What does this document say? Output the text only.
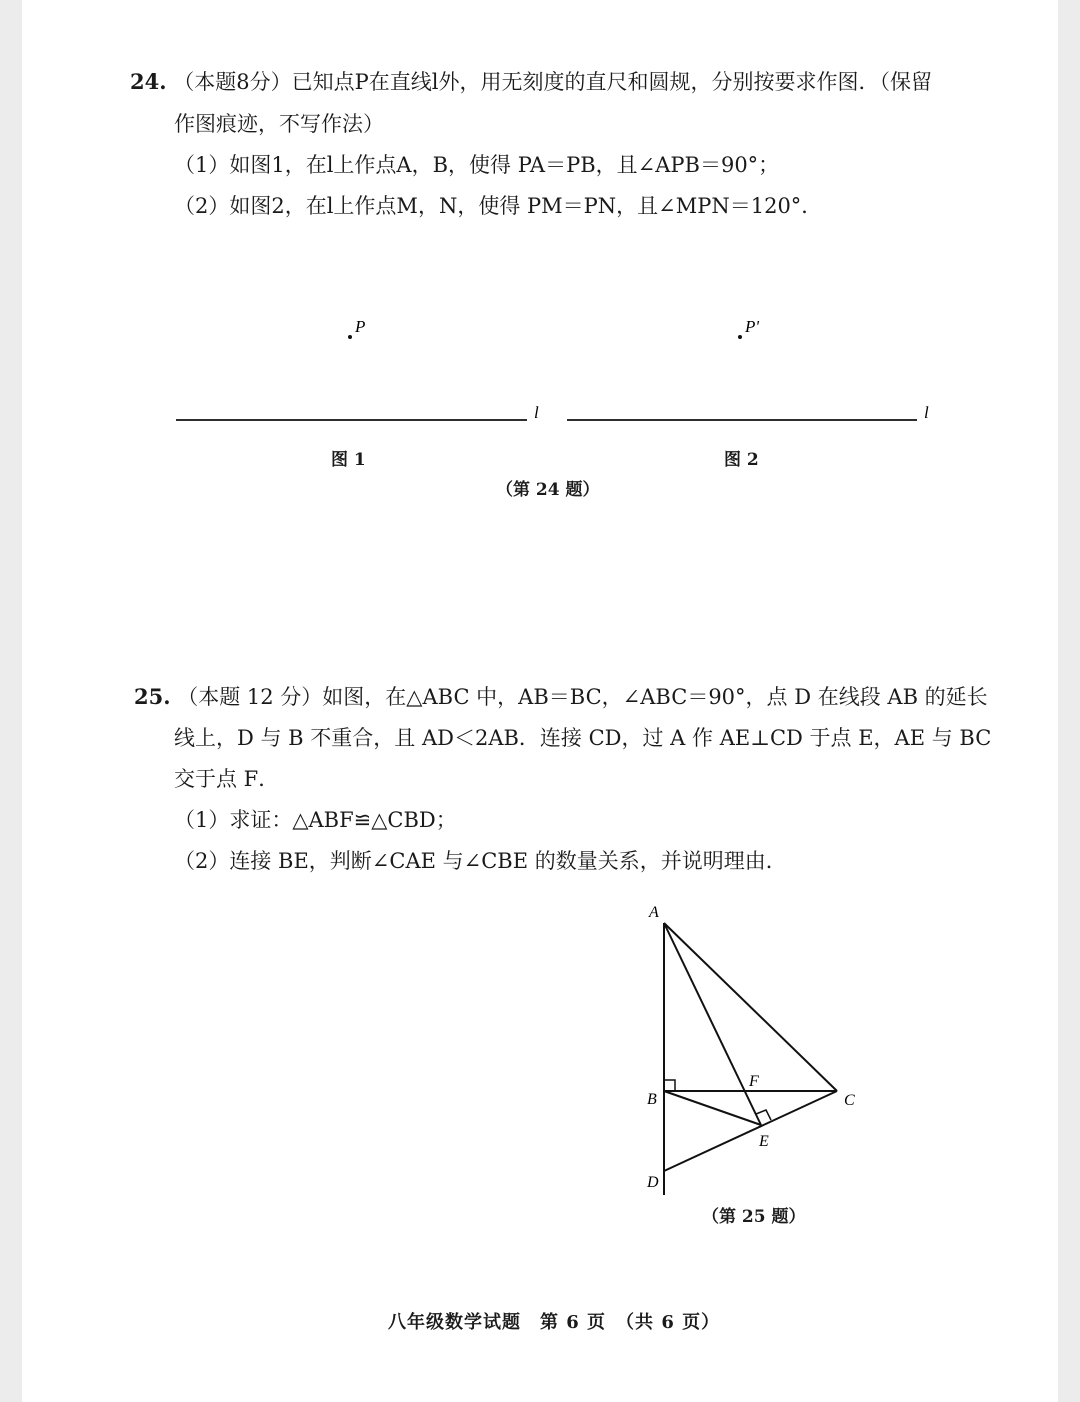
24. （本题8分）已知点P在直线l外，用无刻度的直尺和圆规，分别按要求作图．（保留
作图痕迹，不写作法）
（1）如图1，在l上作点A，B，使得 PA＝PB，且∠APB＝90°；
（2）如图2，在l上作点M，N，使得 PM＝PN，且∠MPN＝120°．
P
l
图 1
P'
l
图 2
（第 24 题）
25. （本题 12 分）如图，在△ABC 中，AB＝BC，∠ABC＝90°，点 D 在线段 AB 的延长
线上，D 与 B 不重合，且 AD＜2AB．连接 CD，过 A 作 AE⊥CD 于点 E，AE 与 BC
交于点 F．
（1）求证：△ABF≌△CBD；
（2）连接 BE，判断∠CAE 与∠CBE 的数量关系，并说明理由．
A
B	C
D
E
F
（第 25 题）
八年级数学试题　第 6 页　（共 6 页）
